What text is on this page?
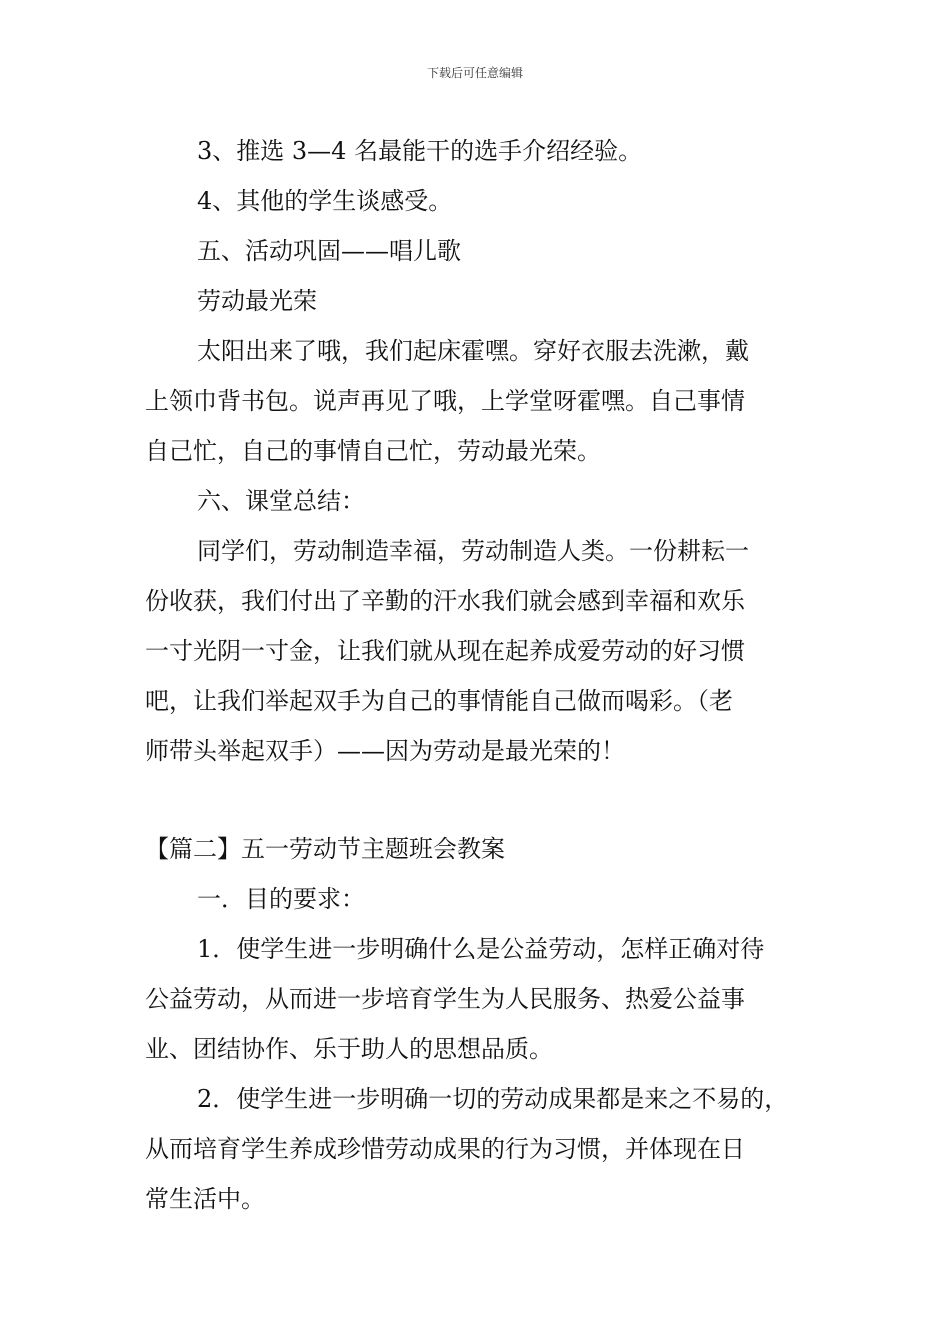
下载后可任意编辑
3、推选 3—4 名最能干的选手介绍经验。
4、其他的学生谈感受。
五、活动巩固——唱儿歌
劳动最光荣
太阳出来了哦，我们起床霍嘿。穿好衣服去洗漱，戴
上领巾背书包。说声再见了哦，上学堂呀霍嘿。自己事情
自己忙，自己的事情自己忙，劳动最光荣。
六、课堂总结：
同学们，劳动制造幸福，劳动制造人类。一份耕耘一
份收获，我们付出了辛勤的汗水我们就会感到幸福和欢乐
一寸光阴一寸金，让我们就从现在起养成爱劳动的好习惯
吧，让我们举起双手为自己的事情能自己做而喝彩。（老
师带头举起双手）——因为劳动是最光荣的！
【篇二】五一劳动节主题班会教案
一．目的要求：
1．使学生进一步明确什么是公益劳动，怎样正确对待
公益劳动，从而进一步培育学生为人民服务、热爱公益事
业、团结协作、乐于助人的思想品质。
2．使学生进一步明确一切的劳动成果都是来之不易的，
从而培育学生养成珍惜劳动成果的行为习惯，并体现在日
常生活中。
